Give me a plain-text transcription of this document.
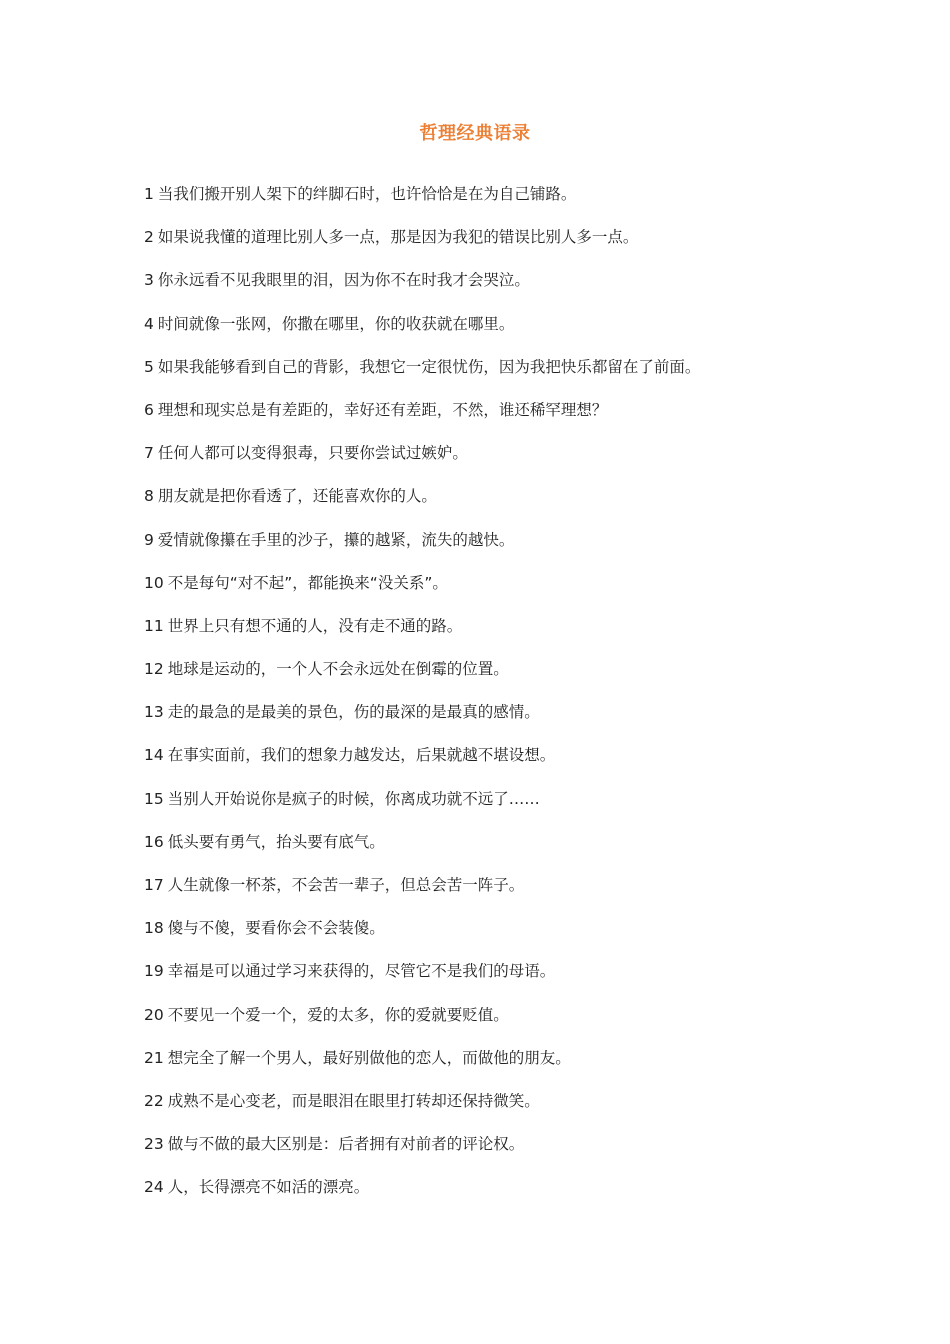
哲理经典语录
1 当我们搬开别人架下的绊脚石时，也许恰恰是在为自己铺路。
2 如果说我懂的道理比别人多一点，那是因为我犯的错误比别人多一点。
3 你永远看不见我眼里的泪，因为你不在时我才会哭泣。
4 时间就像一张网，你撒在哪里，你的收获就在哪里。
5 如果我能够看到自己的背影，我想它一定很忧伤，因为我把快乐都留在了前面。
6 理想和现实总是有差距的，幸好还有差距，不然，谁还稀罕理想？
7 任何人都可以变得狠毒，只要你尝试过嫉妒。
8 朋友就是把你看透了，还能喜欢你的人。
9 爱情就像攥在手里的沙子，攥的越紧，流失的越快。
10 不是每句“对不起”，都能换来“没关系”。
11 世界上只有想不通的人，没有走不通的路。
12 地球是运动的，一个人不会永远处在倒霉的位置。
13 走的最急的是最美的景色，伤的最深的是最真的感情。
14 在事实面前，我们的想象力越发达，后果就越不堪设想。
15 当别人开始说你是疯子的时候，你离成功就不远了……
16 低头要有勇气，抬头要有底气。
17 人生就像一杯茶，不会苦一辈子，但总会苦一阵子。
18 傻与不傻，要看你会不会装傻。
19 幸福是可以通过学习来获得的，尽管它不是我们的母语。
20 不要见一个爱一个，爱的太多，你的爱就要贬值。
21 想完全了解一个男人，最好别做他的恋人，而做他的朋友。
22 成熟不是心变老，而是眼泪在眼里打转却还保持微笑。
23 做与不做的最大区别是：后者拥有对前者的评论权。
24 人，长得漂亮不如活的漂亮。
